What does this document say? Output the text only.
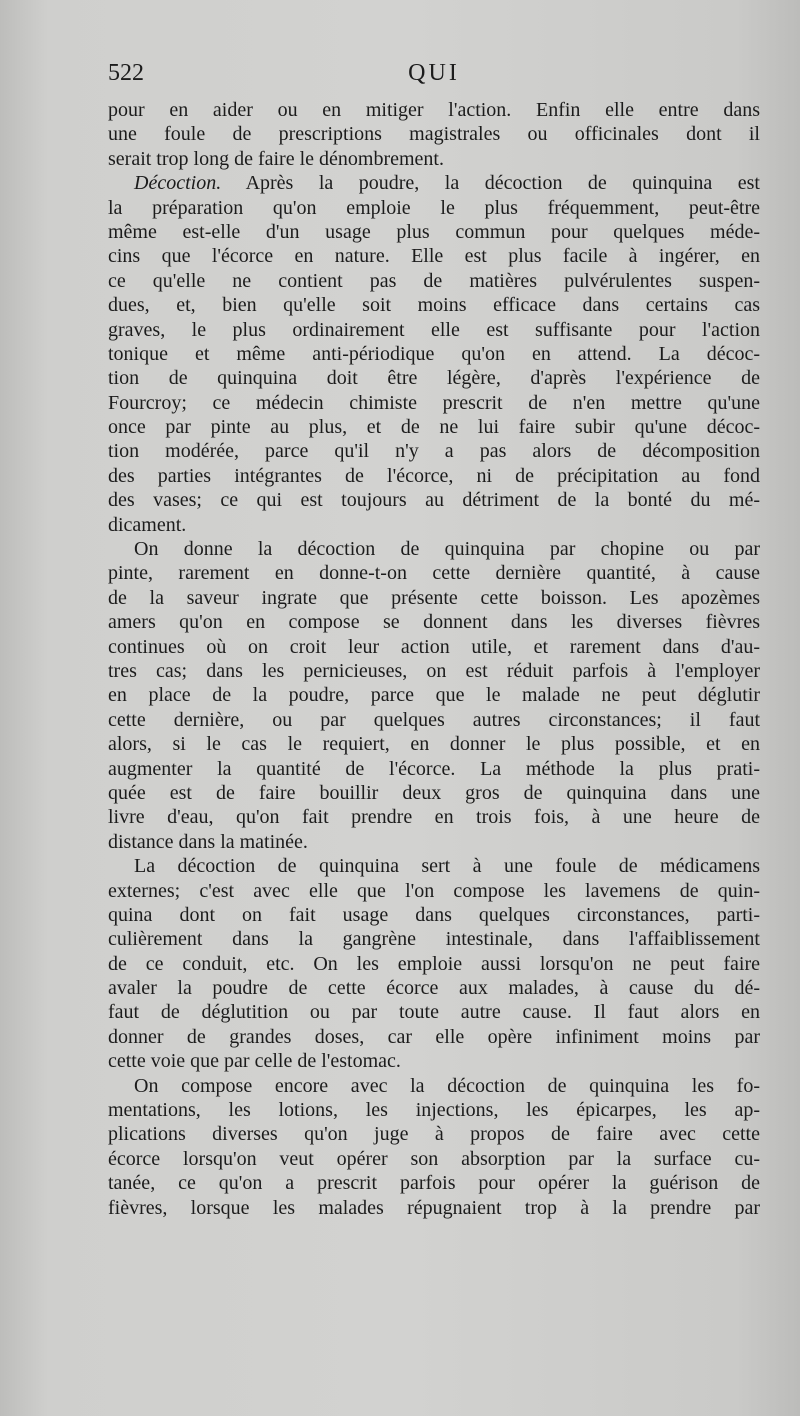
522	QUI
pour en aider ou en mitiger l'action. Enfin elle entre dans
une foule de prescriptions magistrales ou officinales dont il
serait trop long de faire le dénombrement.
Décoction. Après la poudre, la décoction de quinquina est
la préparation qu'on emploie le plus fréquemment, peut-être
même est-elle d'un usage plus commun pour quelques méde-
cins que l'écorce en nature. Elle est plus facile à ingérer, en
ce qu'elle ne contient pas de matières pulvérulentes suspen-
dues, et, bien qu'elle soit moins efficace dans certains cas
graves, le plus ordinairement elle est suffisante pour l'action
tonique et même anti-périodique qu'on en attend. La décoc-
tion de quinquina doit être légère, d'après l'expérience de
Fourcroy; ce médecin chimiste prescrit de n'en mettre qu'une
once par pinte au plus, et de ne lui faire subir qu'une décoc-
tion modérée, parce qu'il n'y a pas alors de décomposition
des parties intégrantes de l'écorce, ni de précipitation au fond
des vases; ce qui est toujours au détriment de la bonté du mé-
dicament.
On donne la décoction de quinquina par chopine ou par
pinte, rarement en donne-t-on cette dernière quantité, à cause
de la saveur ingrate que présente cette boisson. Les apozèmes
amers qu'on en compose se donnent dans les diverses fièvres
continues où on croit leur action utile, et rarement dans d'au-
tres cas; dans les pernicieuses, on est réduit parfois à l'employer
en place de la poudre, parce que le malade ne peut déglutir
cette dernière, ou par quelques autres circonstances; il faut
alors, si le cas le requiert, en donner le plus possible, et en
augmenter la quantité de l'écorce. La méthode la plus prati-
quée est de faire bouillir deux gros de quinquina dans une
livre d'eau, qu'on fait prendre en trois fois, à une heure de
distance dans la matinée.
La décoction de quinquina sert à une foule de médicamens
externes; c'est avec elle que l'on compose les lavemens de quin-
quina dont on fait usage dans quelques circonstances, parti-
culièrement dans la gangrène intestinale, dans l'affaiblissement
de ce conduit, etc. On les emploie aussi lorsqu'on ne peut faire
avaler la poudre de cette écorce aux malades, à cause du dé-
faut de déglutition ou par toute autre cause. Il faut alors en
donner de grandes doses, car elle opère infiniment moins par
cette voie que par celle de l'estomac.
On compose encore avec la décoction de quinquina les fo-
mentations, les lotions, les injections, les épicarpes, les ap-
plications diverses qu'on juge à propos de faire avec cette
écorce lorsqu'on veut opérer son absorption par la surface cu-
tanée, ce qu'on a prescrit parfois pour opérer la guérison de
fièvres, lorsque les malades répugnaient trop à la prendre par
